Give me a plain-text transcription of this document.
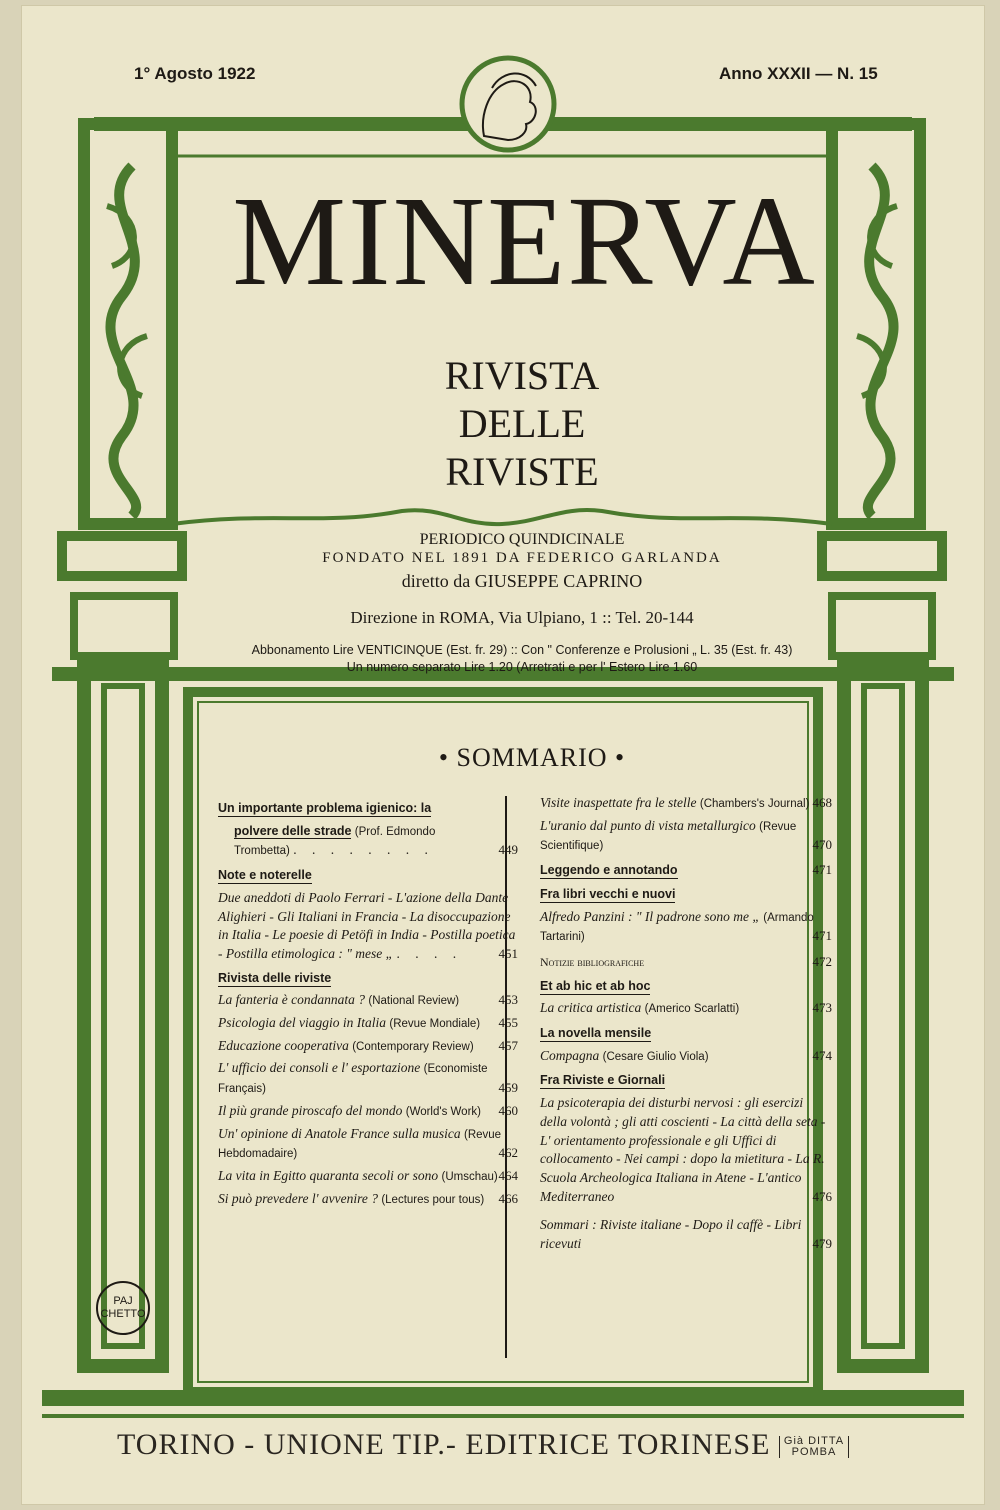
1° Agosto 1922	Anno XXXII — N. 15
MINERVA
RIVISTA
DELLE
RIVISTE
PERIODICO QUINDICINALE
FONDATO NEL 1891 DA FEDERICO GARLANDA
diretto da GIUSEPPE CAPRINO
Direzione in ROMA, Via Ulpiano, 1 :: Tel. 20-144
Abbonamento Lire VENTICINQUE (Est. fr. 29) :: Con " Conferenze e Prolusioni „ L. 35 (Est. fr. 43)
Un numero separato Lire 1.20 (Arretrati e per l' Estero Lire 1.60
• SOMMARIO •
Un importante problema igienico: la
polvere delle strade (Prof. Edmondo
Trombetta) . . . . . . . .	449
Note e noterelle
Due aneddoti di Paolo Ferrari - L'azione della Dante Alighieri - Gli Italiani in Francia - La disoccupazione in Italia - Le poesie di Petöfi in India - Postilla poetica - Postilla etimologica : " mese „ . . . .	451
Rivista delle riviste
La fanteria è condannata ? (National Review)	453
Psicologia del viaggio in Italia (Revue Mondiale) 455
Educazione cooperativa (Contemporary Review) 457
L' ufficio dei consoli e l' esportazione (Economiste Français)	459
Il più grande piroscafo del mondo (World's Work) 460
Un' opinione di Anatole France sulla musica (Revue Hebdomadaire)	462
La vita in Egitto quaranta secoli or sono (Umschau) 464
Si può prevedere l' avvenire ? (Lectures pour tous) 466
Visite inaspettate fra le stelle (Chambers's Journal) 468
L'uranio dal punto di vista metallurgico (Revue Scientifique)	470
Leggendo e annotando	471
Fra libri vecchi e nuovi
Alfredo Panzini : " Il padrone sono me „ (Armando Tartarini)	471
Notizie bibliografiche	472
Et ab hic et ab hoc
La critica artistica (Americo Scarlatti)	473
La novella mensile
Compagna (Cesare Giulio Viola)	474
Fra Riviste e Giornali
La psicoterapia dei disturbi nervosi : gli esercizi della volontà ; gli atti coscienti - La città della seta - L' orientamento professionale e gli Uffici di collocamento - Nei campi : dopo la mietitura - La R. Scuola Archeologica Italiana in Atene - L'antico Mediterraneo	476
Sommari : Riviste italiane - Dopo il caffè - Libri ricevuti	479
PAJ
CHETTO
TORINO - UNIONE TIP.- EDITRICE TORINESE Già DITTA
POMBA
